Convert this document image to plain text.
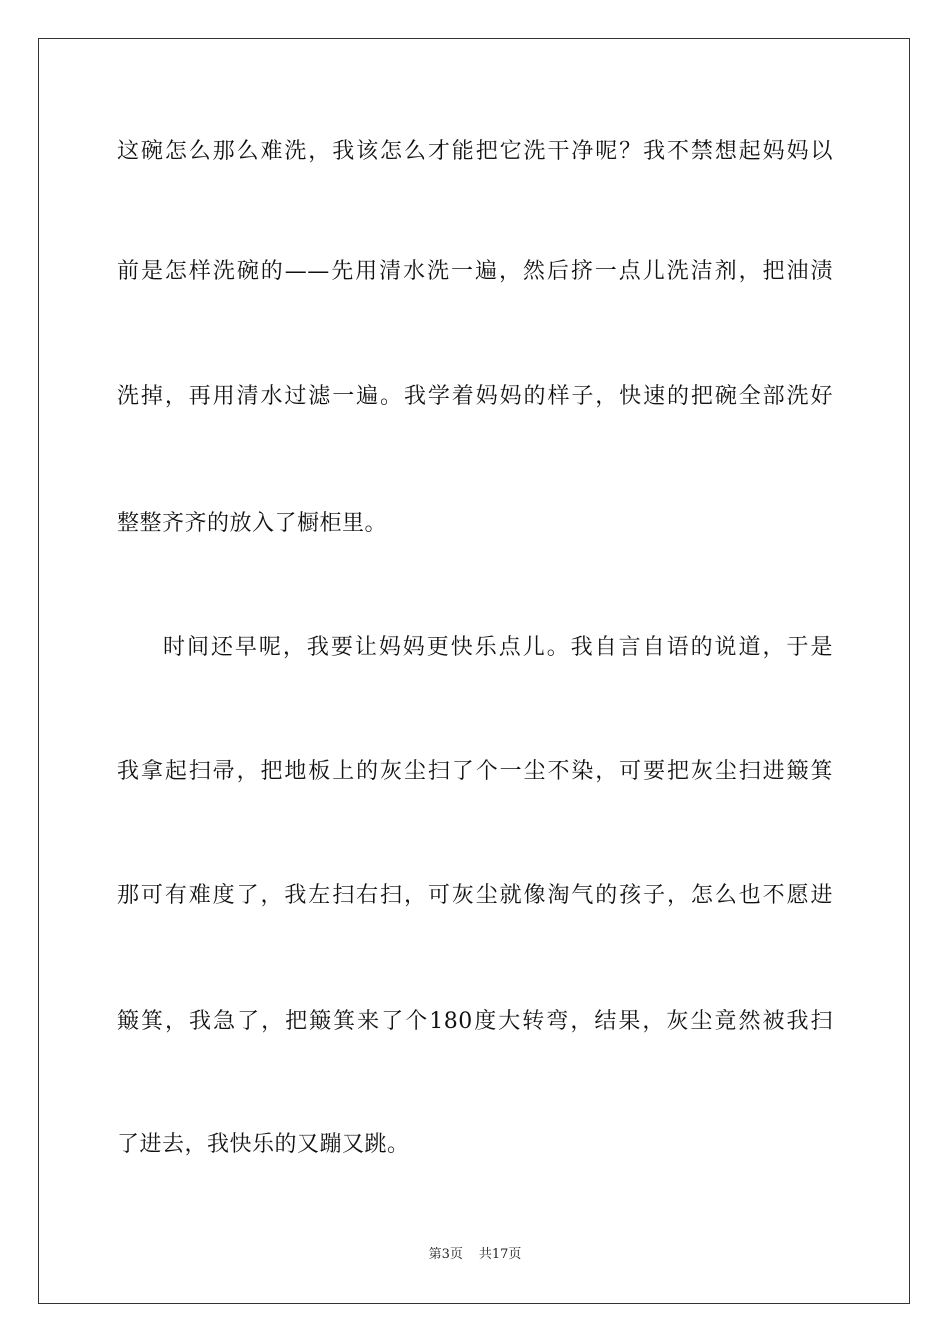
这碗怎么那么难洗，我该怎么才能把它洗干净呢？我不禁想起妈妈以
前是怎样洗碗的——先用清水洗一遍，然后挤一点儿洗洁剂，把油渍
洗掉，再用清水过滤一遍。我学着妈妈的样子，快速的把碗全部洗好
整整齐齐的放入了橱柜里。
时间还早呢，我要让妈妈更快乐点儿。我自言自语的说道，于是
我拿起扫帚，把地板上的灰尘扫了个一尘不染，可要把灰尘扫进簸箕
那可有难度了，我左扫右扫，可灰尘就像淘气的孩子，怎么也不愿进
簸箕，我急了，把簸箕来了个180度大转弯，结果，灰尘竟然被我扫
了进去，我快乐的又蹦又跳。
第3页 共17页
